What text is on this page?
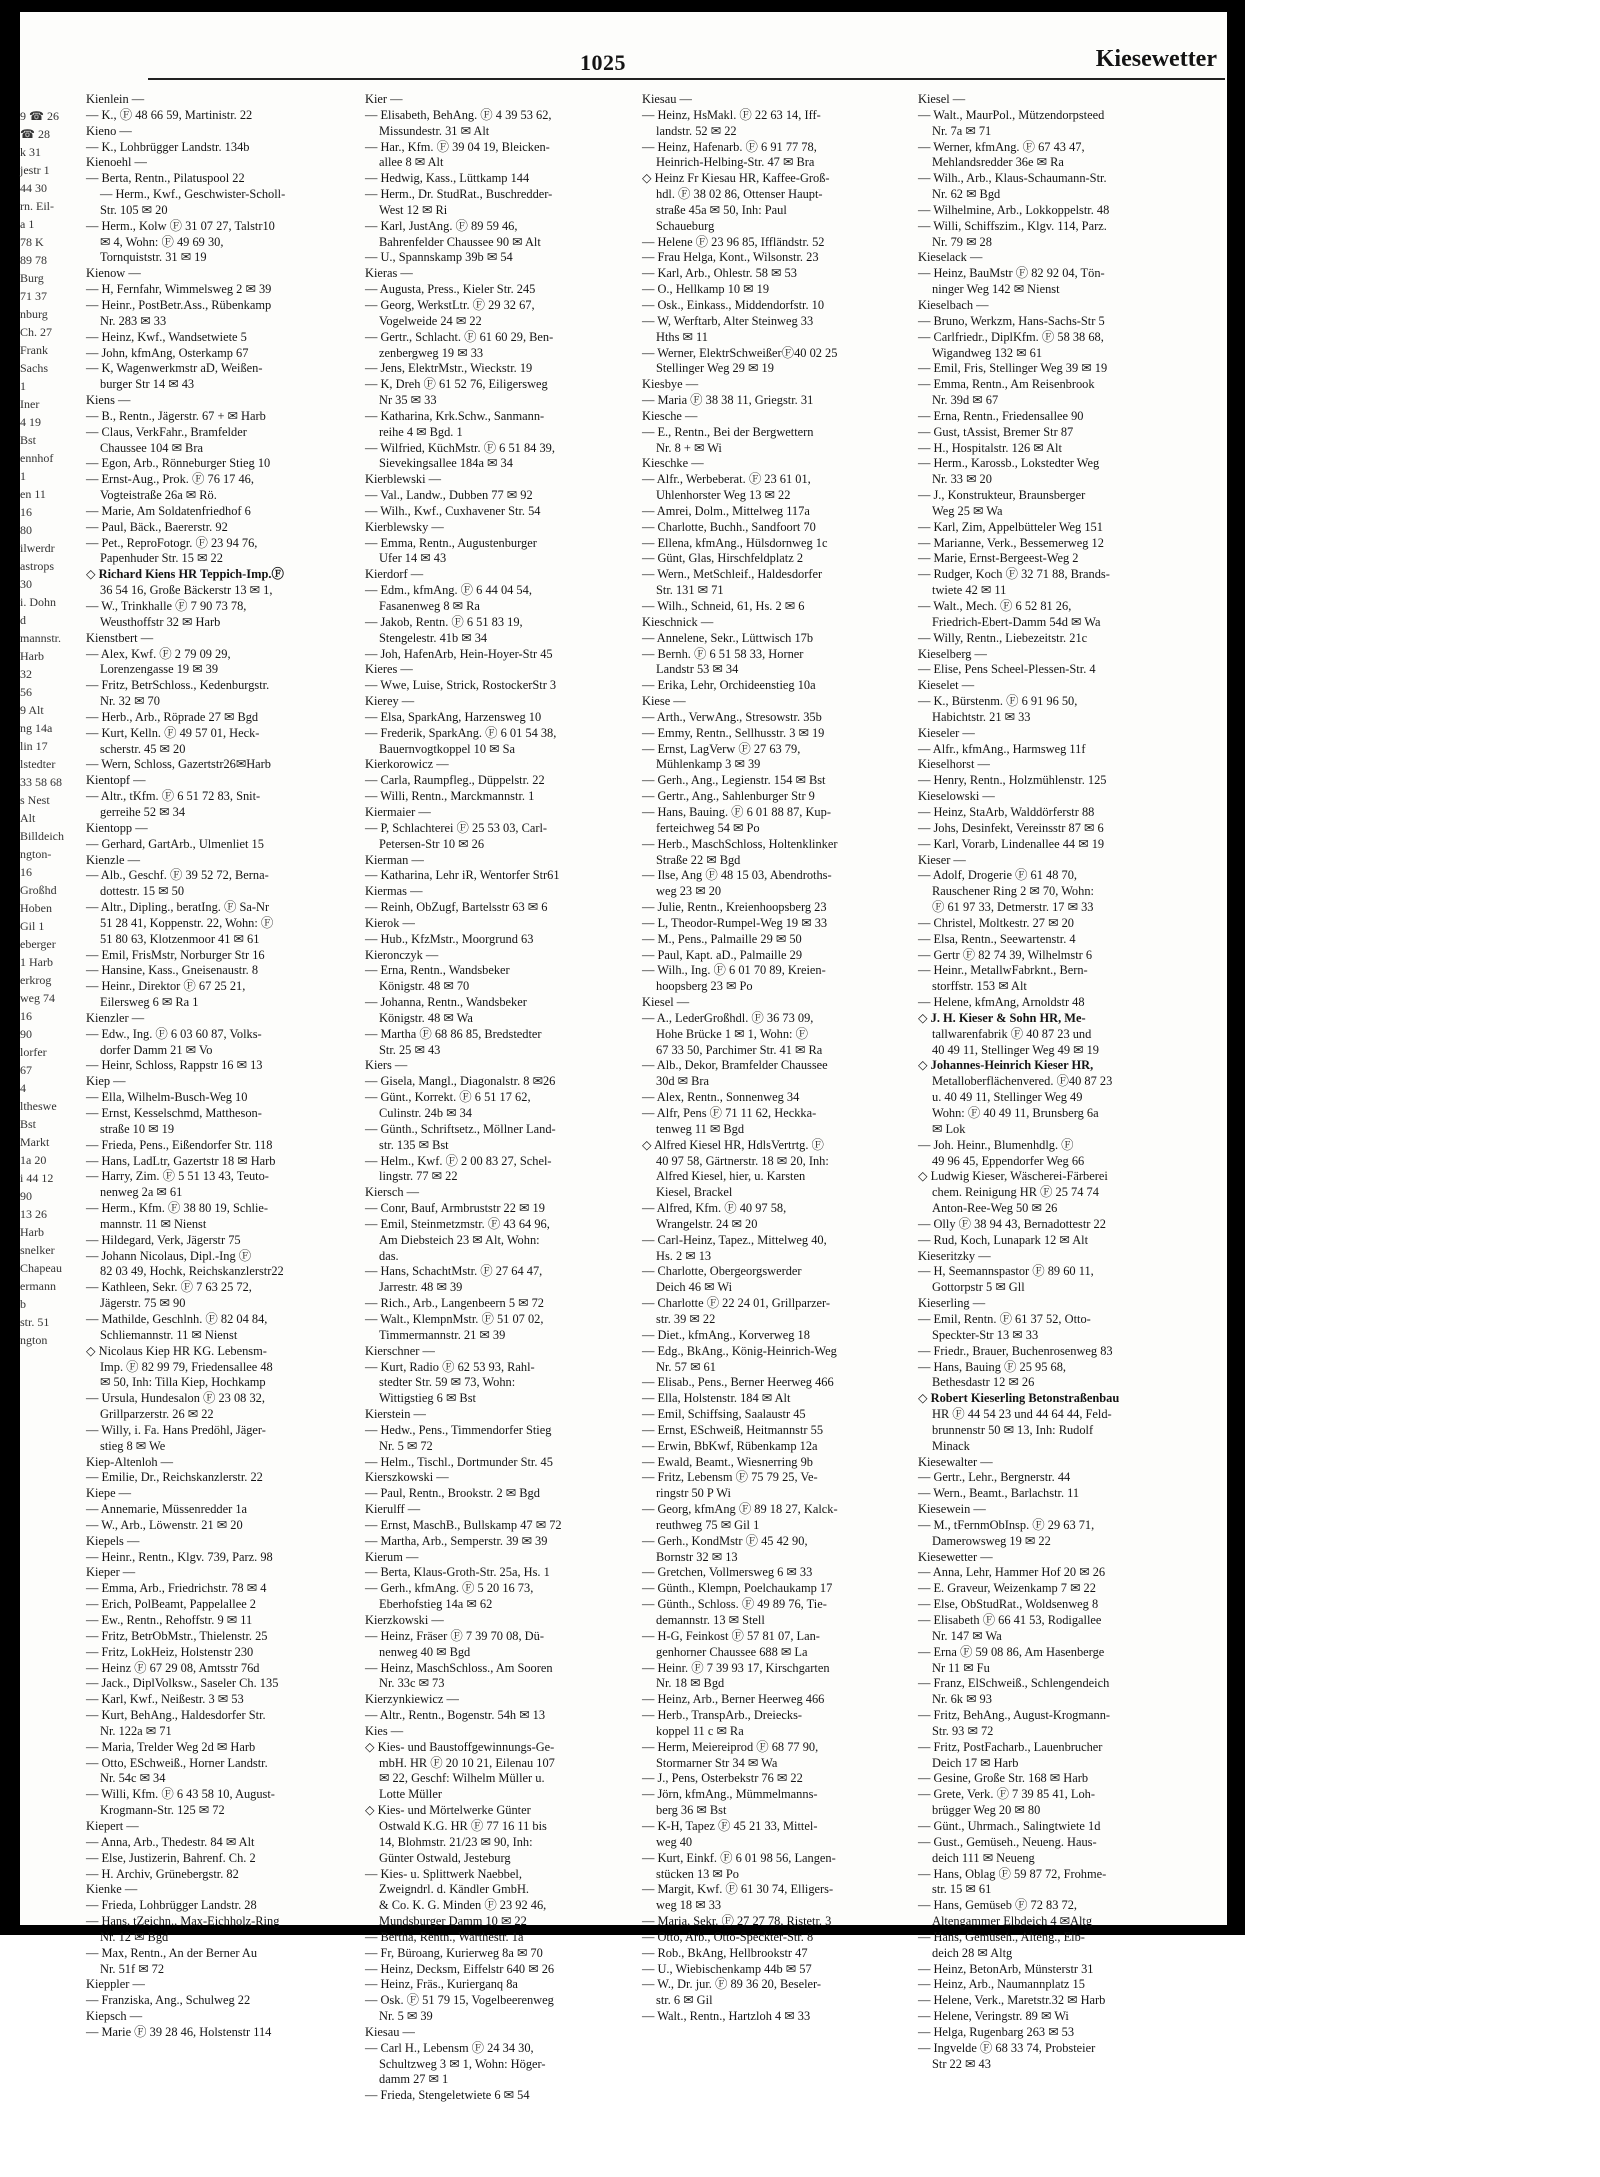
9 ☎ 26
☎ 28
k 31
jestr 1
44 30
rn. Eil-
a 1
78 K
89 78
Burg
71 37
nburg
Ch. 27
Frank
Sachs
1
Iner
4 19
Bst
ennhof
1
en 11
16
80
ilwerdr
astrops
30
i. Dohn
d
mannstr.
Harb
32
56
9 Alt
ng 14a
lin 17
lstedter
33 58 68
s Nest
Alt
Billdeich
ngton-
16
Großhd
Hoben
Gil 1
eberger
1 Harb
erkrog
weg 74
16
90
lorfer
67
4
ltheswe
Bst
Markt
1a 20
i 44 12
90
13 26
Harb
snelker
Chapeau
ermann
b
str. 51
ngton
1025	Kiesewetter
Kienlein —
— K., Ⓕ 48 66 59, Martinistr. 22
Kieno —
— K., Lohbrügger Landstr. 134b
Kienoehl —
— Berta, Rentn., Pilatuspool 22
— Herm., Kwf., Geschwister-Scholl-
Str. 105 ✉ 20
— Herm., Kolw Ⓕ 31 07 27, Talstr10
✉ 4, Wohn: Ⓕ 49 69 30,
Tornquiststr. 31 ✉ 19
Kienow —
— H, Fernfahr, Wimmelsweg 2 ✉ 39
— Heinr., PostBetr.Ass., Rübenkamp
Nr. 283 ✉ 33
— Heinz, Kwf., Wandsetwiete 5
— John, kfmAng, Osterkamp 67
— K, Wagenwerkmstr aD, Weißen-
burger Str 14 ✉ 43
Kiens —
— B., Rentn., Jägerstr. 67 + ✉ Harb
— Claus, VerkFahr., Bramfelder
Chaussee 104 ✉ Bra
— Egon, Arb., Rönneburger Stieg 10
— Ernst-Aug., Prok. Ⓕ 76 17 46,
Vogteistraße 26a ✉ Rö.
— Marie, Am Soldatenfriedhof 6
— Paul, Bäck., Baererstr. 92
— Pet., ReproFotogr. Ⓕ 23 94 76,
Papenhuder Str. 15 ✉ 22
◇ Richard Kiens HR Teppich-Imp.Ⓕ
36 54 16, Große Bäckerstr 13 ✉ 1,
— W., Trinkhalle Ⓕ 7 90 73 78,
Weusthoffstr 32 ✉ Harb
Kienstbert —
— Alex, Kwf. Ⓕ 2 79 09 29,
Lorenzengasse 19 ✉ 39
— Fritz, BetrSchloss., Kedenburgstr.
Nr. 32 ✉ 70
— Herb., Arb., Röprade 27 ✉ Bgd
— Kurt, Kelln. Ⓕ 49 57 01, Heck-
scherstr. 45 ✉ 20
— Wern, Schloss, Gazertstr26✉Harb
Kientopf —
— Altr., tKfm. Ⓕ 6 51 72 83, Snit-
gerreihe 52 ✉ 34
Kientopp —
— Gerhard, GartArb., Ulmenliet 15
Kienzle —
— Alb., Geschf. Ⓕ 39 52 72, Berna-
dottestr. 15 ✉ 50
— Altr., Dipling., beratIng. Ⓕ Sa-Nr
51 28 41, Koppenstr. 22, Wohn: Ⓕ
51 80 63, Klotzenmoor 41 ✉ 61
— Emil, FrisMstr, Norburger Str 16
— Hansine, Kass., Gneisenaustr. 8
— Heinr., Direktor Ⓕ 67 25 21,
Eilersweg 6 ✉ Ra 1
Kienzler —
— Edw., Ing. Ⓕ 6 03 60 87, Volks-
dorfer Damm 21 ✉ Vo
— Heinr, Schloss, Rappstr 16 ✉ 13
Kiep —
— Ella, Wilhelm-Busch-Weg 10
— Ernst, Kesselschmd, Mattheson-
straße 10 ✉ 19
— Frieda, Pens., Eißendorfer Str. 118
— Hans, LadLtr, Gazertstr 18 ✉ Harb
— Harry, Zim. Ⓕ 5 51 13 43, Teuto-
nenweg 2a ✉ 61
— Herm., Kfm. Ⓕ 38 80 19, Schlie-
mannstr. 11 ✉ Nienst
— Hildegard, Verk, Jägerstr 75
— Johann Nicolaus, Dipl.-Ing Ⓕ
82 03 49, Hochk, Reichskanzlerstr22
— Kathleen, Sekr. Ⓕ 7 63 25 72,
Jägerstr. 75 ✉ 90
— Mathilde, Geschlnh. Ⓕ 82 04 84,
Schliemannstr. 11 ✉ Nienst
◇ Nicolaus Kiep HR KG. Lebensm-
Imp. Ⓕ 82 99 79, Friedensallee 48
✉ 50, Inh: Tilla Kiep, Hochkamp
— Ursula, Hundesalon Ⓕ 23 08 32,
Grillparzerstr. 26 ✉ 22
— Willy, i. Fa. Hans Predöhl, Jäger-
stieg 8 ✉ We
Kiep-Altenloh —
— Emilie, Dr., Reichskanzlerstr. 22
Kiepe —
— Annemarie, Müssenredder 1a
— W., Arb., Löwenstr. 21 ✉ 20
Kiepels —
— Heinr., Rentn., Klgv. 739, Parz. 98
Kieper —
— Emma, Arb., Friedrichstr. 78 ✉ 4
— Erich, PolBeamt, Pappelallee 2
— Ew., Rentn., Rehoffstr. 9 ✉ 11
— Fritz, BetrObMstr., Thielenstr. 25
— Fritz, LokHeiz, Holstenstr 230
— Heinz Ⓕ 67 29 08, Amtsstr 76d
— Jack., DiplVolksw., Saseler Ch. 135
— Karl, Kwf., Neißestr. 3 ✉ 53
— Kurt, BehAng., Haldesdorfer Str.
Nr. 122a ✉ 71
— Maria, Trelder Weg 2d ✉ Harb
— Otto, ESchweiß., Horner Landstr.
Nr. 54c ✉ 34
— Willi, Kfm. Ⓕ 6 43 58 10, August-
Krogmann-Str. 125 ✉ 72
Kiepert —
— Anna, Arb., Thedestr. 84 ✉ Alt
— Else, Justizerin, Bahrenf. Ch. 2
— H. Archiv, Grünebergstr. 82
Kienke —
— Frieda, Lohbrügger Landstr. 28
— Hans, tZeichn., Max-Eichholz-Ring
Nr. 12 ✉ Bgd
— Max, Rentn., An der Berner Au
Nr. 51f ✉ 72
Kieppler —
— Franziska, Ang., Schulweg 22
Kiepsch —
— Marie Ⓕ 39 28 46, Holstenstr 114
Kier —
— Elisabeth, BehAng. Ⓕ 4 39 53 62,
Missundestr. 31 ✉ Alt
— Har., Kfm. Ⓕ 39 04 19, Bleicken-
allee 8 ✉ Alt
— Hedwig, Kass., Lüttkamp 144
— Herm., Dr. StudRat., Buschredder-
West 12 ✉ Ri
— Karl, JustAng. Ⓕ 89 59 46,
Bahrenfelder Chaussee 90 ✉ Alt
— U., Spannskamp 39b ✉ 54
Kieras —
— Augusta, Press., Kieler Str. 245
— Georg, WerkstLtr. Ⓕ 29 32 67,
Vogelweide 24 ✉ 22
— Gertr., Schlacht. Ⓕ 61 60 29, Ben-
zenbergweg 19 ✉ 33
— Jens, ElektrMstr., Wieckstr. 19
— K, Dreh Ⓕ 61 52 76, Eiligersweg
Nr 35 ✉ 33
— Katharina, Krk.Schw., Sanmann-
reihe 4 ✉ Bgd. 1
— Wilfried, KüchMstr. Ⓕ 6 51 84 39,
Sievekingsallee 184a ✉ 34
Kierblewski —
— Val., Landw., Dubben 77 ✉ 92
— Wilh., Kwf., Cuxhavener Str. 54
Kierblewsky —
— Emma, Rentn., Augustenburger
Ufer 14 ✉ 43
Kierdorf —
— Edm., kfmAng. Ⓕ 6 44 04 54,
Fasanenweg 8 ✉ Ra
— Jakob, Rentn. Ⓕ 6 51 83 19,
Stengelestr. 41b ✉ 34
— Joh, HafenArb, Hein-Hoyer-Str 45
Kieres —
— Wwe, Luise, Strick, RostockerStr 3
Kierey —
— Elsa, SparkAng, Harzensweg 10
— Frederik, SparkAng. Ⓕ 6 01 54 38,
Bauernvogtkoppel 10 ✉ Sa
Kierkorowicz —
— Carla, Raumpfleg., Düppelstr. 22
— Willi, Rentn., Marckmannstr. 1
Kiermaier —
— P, Schlachterei Ⓕ 25 53 03, Carl-
Petersen-Str 10 ✉ 26
Kierman —
— Katharina, Lehr iR, Wentorfer Str61
Kiermas —
— Reinh, ObZugf, Bartelsstr 63 ✉ 6
Kierok —
— Hub., KfzMstr., Moorgrund 63
Kieronczyk —
— Erna, Rentn., Wandsbeker
Königstr. 48 ✉ 70
— Johanna, Rentn., Wandsbeker
Königstr. 48 ✉ Wa
— Martha Ⓕ 68 86 85, Bredstedter
Str. 25 ✉ 43
Kiers —
— Gisela, Mangl., Diagonalstr. 8 ✉26
— Günt., Korrekt. Ⓕ 6 51 17 62,
Culinstr. 24b ✉ 34
— Günth., Schriftsetz., Möllner Land-
str. 135 ✉ Bst
— Helm., Kwf. Ⓕ 2 00 83 27, Schel-
lingstr. 77 ✉ 22
Kiersch —
— Conr, Bauf, Armbruststr 22 ✉ 19
— Emil, Steinmetzmstr. Ⓕ 43 64 96,
Am Diebsteich 23 ✉ Alt, Wohn:
das.
— Hans, SchachtMstr. Ⓕ 27 64 47,
Jarrestr. 48 ✉ 39
— Rich., Arb., Langenbeern 5 ✉ 72
— Walt., KlempnMstr. Ⓕ 51 07 02,
Timmermannstr. 21 ✉ 39
Kierschner —
— Kurt, Radio Ⓕ 62 53 93, Rahl-
stedter Str. 59 ✉ 73, Wohn:
Wittigstieg 6 ✉ Bst
Kierstein —
— Hedw., Pens., Timmendorfer Stieg
Nr. 5 ✉ 72
— Helm., Tischl., Dortmunder Str. 45
Kierszkowski —
— Paul, Rentn., Brookstr. 2 ✉ Bgd
Kierulff —
— Ernst, MaschB., Bullskamp 47 ✉ 72
— Martha, Arb., Semperstr. 39 ✉ 39
Kierum —
— Berta, Klaus-Groth-Str. 25a, Hs. 1
— Gerh., kfmAng. Ⓕ 5 20 16 73,
Eberhofstieg 14a ✉ 62
Kierzkowski —
— Heinz, Fräser Ⓕ 7 39 70 08, Dü-
nenweg 40 ✉ Bgd
— Heinz, MaschSchloss., Am Sooren
Nr. 33c ✉ 73
Kierzynkiewicz —
— Altr., Rentn., Bogenstr. 54h ✉ 13
Kies —
◇ Kies- und Baustoffgewinnungs-Ge-
mbH. HR Ⓕ 20 10 21, Eilenau 107
✉ 22, Geschf: Wilhelm Müller u.
Lotte Müller
◇ Kies- und Mörtelwerke Günter
Ostwald K.G. HR Ⓕ 77 16 11 bis
14, Blohmstr. 21/23 ✉ 90, Inh:
Günter Ostwald, Jesteburg
— Kies- u. Splittwerk Naebbel,
Zweigndrl. d. Kändler GmbH.
& Co. K. G. Minden Ⓕ 23 92 46,
Mundsburger Damm 10 ✉ 22
— Bertha, Rentn., Warthestr. 1a
— Fr, Büroang, Kurierweg 8a ✉ 70
— Heinz, Decksm, Eiffelstr 640 ✉ 26
— Heinz, Fräs., Kurierganq 8a
— Osk. Ⓕ 51 79 15, Vogelbeerenweg
Nr. 5 ✉ 39
Kiesau —
— Carl H., Lebensm Ⓕ 24 34 30,
Schultzweg 3 ✉ 1, Wohn: Höger-
damm 27 ✉ 1
— Frieda, Stengeletwiete 6 ✉ 54
Kiesau —
— Heinz, HsMakl. Ⓕ 22 63 14, Iff-
landstr. 52 ✉ 22
— Heinz, Hafenarb. Ⓕ 6 91 77 78,
Heinrich-Helbing-Str. 47 ✉ Bra
◇ Heinz Fr Kiesau HR, Kaffee-Groß-
hdl. Ⓕ 38 02 86, Ottenser Haupt-
straße 45a ✉ 50, Inh: Paul
Schaueburg
— Helene Ⓕ 23 96 85, Iffländstr. 52
— Frau Helga, Kont., Wilsonstr. 23
— Karl, Arb., Ohlestr. 58 ✉ 53
— O., Hellkamp 10 ✉ 19
— Osk., Einkass., Middendorfstr. 10
— W, Werftarb, Alter Steinweg 33
Hths ✉ 11
— Werner, ElektrSchweißerⒻ40 02 25
Stellinger Weg 29 ✉ 19
Kiesbye —
— Maria Ⓕ 38 38 11, Griegstr. 31
Kiesche —
— E., Rentn., Bei der Bergwettern
Nr. 8 + ✉ Wi
Kieschke —
— Alfr., Werbeberat. Ⓕ 23 61 01,
Uhlenhorster Weg 13 ✉ 22
— Amrei, Dolm., Mittelweg 117a
— Charlotte, Buchh., Sandfoort 70
— Ellena, kfmAng., Hülsdornweg 1c
— Günt, Glas, Hirschfeldplatz 2
— Wern., MetSchleif., Haldesdorfer
Str. 131 ✉ 71
— Wilh., Schneid, 61, Hs. 2 ✉ 6
Kieschnick —
— Annelene, Sekr., Lüttwisch 17b
— Bernh. Ⓕ 6 51 58 33, Horner
Landstr 53 ✉ 34
— Erika, Lehr, Orchideenstieg 10a
Kiese —
— Arth., VerwAng., Stresowstr. 35b
— Emmy, Rentn., Sellhusstr. 3 ✉ 19
— Ernst, LagVerw Ⓕ 27 63 79,
Mühlenkamp 3 ✉ 39
— Gerh., Ang., Legienstr. 154 ✉ Bst
— Gertr., Ang., Sahlenburger Str 9
— Hans, Bauing. Ⓕ 6 01 88 87, Kup-
ferteichweg 54 ✉ Po
— Herb., MaschSchloss, Holtenklinker
Straße 22 ✉ Bgd
— Ilse, Ang Ⓕ 48 15 03, Abendroths-
weg 23 ✉ 20
— Julie, Rentn., Kreienhoopsberg 23
— L, Theodor-Rumpel-Weg 19 ✉ 33
— M., Pens., Palmaille 29 ✉ 50
— Paul, Kapt. aD., Palmaille 29
— Wilh., Ing. Ⓕ 6 01 70 89, Kreien-
hoopsberg 23 ✉ Po
Kiesel —
— A., LederGroßhdl. Ⓕ 36 73 09,
Hohe Brücke 1 ✉ 1, Wohn: Ⓕ
67 33 50, Parchimer Str. 41 ✉ Ra
— Alb., Dekor, Bramfelder Chaussee
30d ✉ Bra
— Alex, Rentn., Sonnenweg 34
— Alfr, Pens Ⓕ 71 11 62, Heckka-
tenweg 11 ✉ Bgd
◇ Alfred Kiesel HR, HdlsVertrtg. Ⓕ
40 97 58, Gärtnerstr. 18 ✉ 20, Inh:
Alfred Kiesel, hier, u. Karsten
Kiesel, Brackel
— Alfred, Kfm. Ⓕ 40 97 58,
Wrangelstr. 24 ✉ 20
— Carl-Heinz, Tapez., Mittelweg 40,
Hs. 2 ✉ 13
— Charlotte, Obergeorgswerder
Deich 46 ✉ Wi
— Charlotte Ⓕ 22 24 01, Grillparzer-
str. 39 ✉ 22
— Diet., kfmAng., Korverweg 18
— Edg., BkAng., König-Heinrich-Weg
Nr. 57 ✉ 61
— Elisab., Pens., Berner Heerweg 466
— Ella, Holstenstr. 184 ✉ Alt
— Emil, Schiffsing, Saalaustr 45
— Ernst, ESchweiß, Heitmannstr 55
— Erwin, BbKwf, Rübenkamp 12a
— Ewald, Beamt., Wiesnerring 9b
— Fritz, Lebensm Ⓕ 75 79 25, Ve-
ringstr 50 P Wi
— Georg, kfmAng Ⓕ 89 18 27, Kalck-
reuthweg 75 ✉ Gil 1
— Gerh., KondMstr Ⓕ 45 42 90,
Bornstr 32 ✉ 13
— Gretchen, Vollmersweg 6 ✉ 33
— Günth., Klempn, Poelchaukamp 17
— Günth., Schloss. Ⓕ 49 89 76, Tie-
demannstr. 13 ✉ Stell
— H-G, Feinkost Ⓕ 57 81 07, Lan-
genhorner Chaussee 688 ✉ La
— Heinr. Ⓕ 7 39 93 17, Kirschgarten
Nr. 18 ✉ Bgd
— Heinz, Arb., Berner Heerweg 466
— Herb., TranspArb., Dreiecks-
koppel 11 c ✉ Ra
— Herm, Meiereiprod Ⓕ 68 77 90,
Stormarner Str 34 ✉ Wa
— J., Pens, Osterbekstr 76 ✉ 22
— Jörn, kfmAng., Mümmelmanns-
berg 36 ✉ Bst
— K-H, Tapez Ⓕ 45 21 33, Mittel-
weg 40
— Kurt, Einkf. Ⓕ 6 01 98 56, Langen-
stücken 13 ✉ Po
— Margit, Kwf. Ⓕ 61 30 74, Elligers-
weg 18 ✉ 33
— Maria, Sekr. Ⓕ 27 27 78, Ristetr. 3
— Otto, Arb., Otto-Speckter-Str. 8
— Rob., BkAng, Hellbrookstr 47
— U., Wiebischenkamp 44b ✉ 57
— W., Dr. jur. Ⓕ 89 36 20, Beseler-
str. 6 ✉ Gil
— Walt., Rentn., Hartzloh 4 ✉ 33
Kiesel —
— Walt., MaurPol., Mützendorpsteed
Nr. 7a ✉ 71
— Werner, kfmAng. Ⓕ 67 43 47,
Mehlandsredder 36e ✉ Ra
— Wilh., Arb., Klaus-Schaumann-Str.
Nr. 62 ✉ Bgd
— Wilhelmine, Arb., Lokkoppelstr. 48
— Willi, Schiffszim., Klgv. 114, Parz.
Nr. 79 ✉ 28
Kieselack —
— Heinz, BauMstr Ⓕ 82 92 04, Tön-
ninger Weg 142 ✉ Nienst
Kieselbach —
— Bruno, Werkzm, Hans-Sachs-Str 5
— Carlfriedr., DiplKfm. Ⓕ 58 38 68,
Wigandweg 132 ✉ 61
— Emil, Fris, Stellinger Weg 39 ✉ 19
— Emma, Rentn., Am Reisenbrook
Nr. 39d ✉ 67
— Erna, Rentn., Friedensallee 90
— Gust, tAssist, Bremer Str 87
— H., Hospitalstr. 126 ✉ Alt
— Herm., Karossb., Lokstedter Weg
Nr. 33 ✉ 20
— J., Konstrukteur, Braunsberger
Weg 25 ✉ Wa
— Karl, Zim, Appelbütteler Weg 151
— Marianne, Verk., Bessemerweg 12
— Marie, Ernst-Bergeest-Weg 2
— Rudger, Koch Ⓕ 32 71 88, Brands-
twiete 42 ✉ 11
— Walt., Mech. Ⓕ 6 52 81 26,
Friedrich-Ebert-Damm 54d ✉ Wa
— Willy, Rentn., Liebezeitstr. 21c
Kieselberg —
— Elise, Pens Scheel-Plessen-Str. 4
Kieselet —
— K., Bürstenm. Ⓕ 6 91 96 50,
Habichtstr. 21 ✉ 33
Kieseler —
— Alfr., kfmAng., Harmsweg 11f
Kieselhorst —
— Henry, Rentn., Holzmühlenstr. 125
Kieselowski —
— Heinz, StaArb, Walddörferstr 88
— Johs, Desinfekt, Vereinsstr 87 ✉ 6
— Karl, Vorarb, Lindenallee 44 ✉ 19
Kieser —
— Adolf, Drogerie Ⓕ 61 48 70,
Rauschener Ring 2 ✉ 70, Wohn:
Ⓕ 61 97 33, Detmerstr. 17 ✉ 33
— Christel, Moltkestr. 27 ✉ 20
— Elsa, Rentn., Seewartenstr. 4
— Gertr Ⓕ 82 74 39, Wilhelmstr 6
— Heinr., MetallwFabrknt., Bern-
storffstr. 153 ✉ Alt
— Helene, kfmAng, Arnoldstr 48
◇ J. H. Kieser & Sohn HR, Me-
tallwarenfabrik Ⓕ 40 87 23 und
40 49 11, Stellinger Weg 49 ✉ 19
◇ Johannes-Heinrich Kieser HR,
Metalloberflächenvered. Ⓕ40 87 23
u. 40 49 11, Stellinger Weg 49
Wohn: Ⓕ 40 49 11, Brunsberg 6a
✉ Lok
— Joh. Heinr., Blumenhdlg. Ⓕ
49 96 45, Eppendorfer Weg 66
◇ Ludwig Kieser, Wäscherei-Färberei
chem. Reinigung HR Ⓕ 25 74 74
Anton-Ree-Weg 50 ✉ 26
— Olly Ⓕ 38 94 43, Bernadottestr 22
— Rud, Koch, Lunapark 12 ✉ Alt
Kieseritzky —
— H, Seemannspastor Ⓕ 89 60 11,
Gottorpstr 5 ✉ Gll
Kieserling —
— Emil, Rentn. Ⓕ 61 37 52, Otto-
Speckter-Str 13 ✉ 33
— Friedr., Brauer, Buchenrosenweg 83
— Hans, Bauing Ⓕ 25 95 68,
Bethesdastr 12 ✉ 26
◇ Robert Kieserling Betonstraßenbau
HR Ⓕ 44 54 23 und 44 64 44, Feld-
brunnenstr 50 ✉ 13, Inh: Rudolf
Minack
Kiesewalter —
— Gertr., Lehr., Bergnerstr. 44
— Wern., Beamt., Barlachstr. 11
Kiesewein —
— M., tFernmObInsp. Ⓕ 29 63 71,
Damerowsweg 19 ✉ 22
Kiesewetter —
— Anna, Lehr, Hammer Hof 20 ✉ 26
— E. Graveur, Weizenkamp 7 ✉ 22
— Else, ObStudRat., Woldsenweg 8
— Elisabeth Ⓕ 66 41 53, Rodigallee
Nr. 147 ✉ Wa
— Erna Ⓕ 59 08 86, Am Hasenberge
Nr 11 ✉ Fu
— Franz, ElSchweiß., Schlengendeich
Nr. 6k ✉ 93
— Fritz, BehAng., August-Krogmann-
Str. 93 ✉ 72
— Fritz, PostFacharb., Lauenbrucher
Deich 17 ✉ Harb
— Gesine, Große Str. 168 ✉ Harb
— Grete, Verk. Ⓕ 7 39 85 41, Loh-
brügger Weg 20 ✉ 80
— Günt., Uhrmach., Salingtwiete 1d
— Gust., Gemüseh., Neueng. Haus-
deich 111 ✉ Neueng
— Hans, Oblag Ⓕ 59 87 72, Frohme-
str. 15 ✉ 61
— Hans, Gemüseb Ⓕ 72 83 72,
Altengammer Elbdeich 4 ✉Altg
— Hans, Gemüseh., Alteng., Elb-
deich 28 ✉ Altg
— Heinz, BetonArb, Münsterstr 31
— Heinz, Arb., Naumannplatz 15
— Helene, Verk., Maretstr.32 ✉ Harb
— Helene, Veringstr. 89 ✉ Wi
— Helga, Rugenbarg 263 ✉ 53
— Ingvelde Ⓕ 68 33 74, Probsteier
Str 22 ✉ 43
